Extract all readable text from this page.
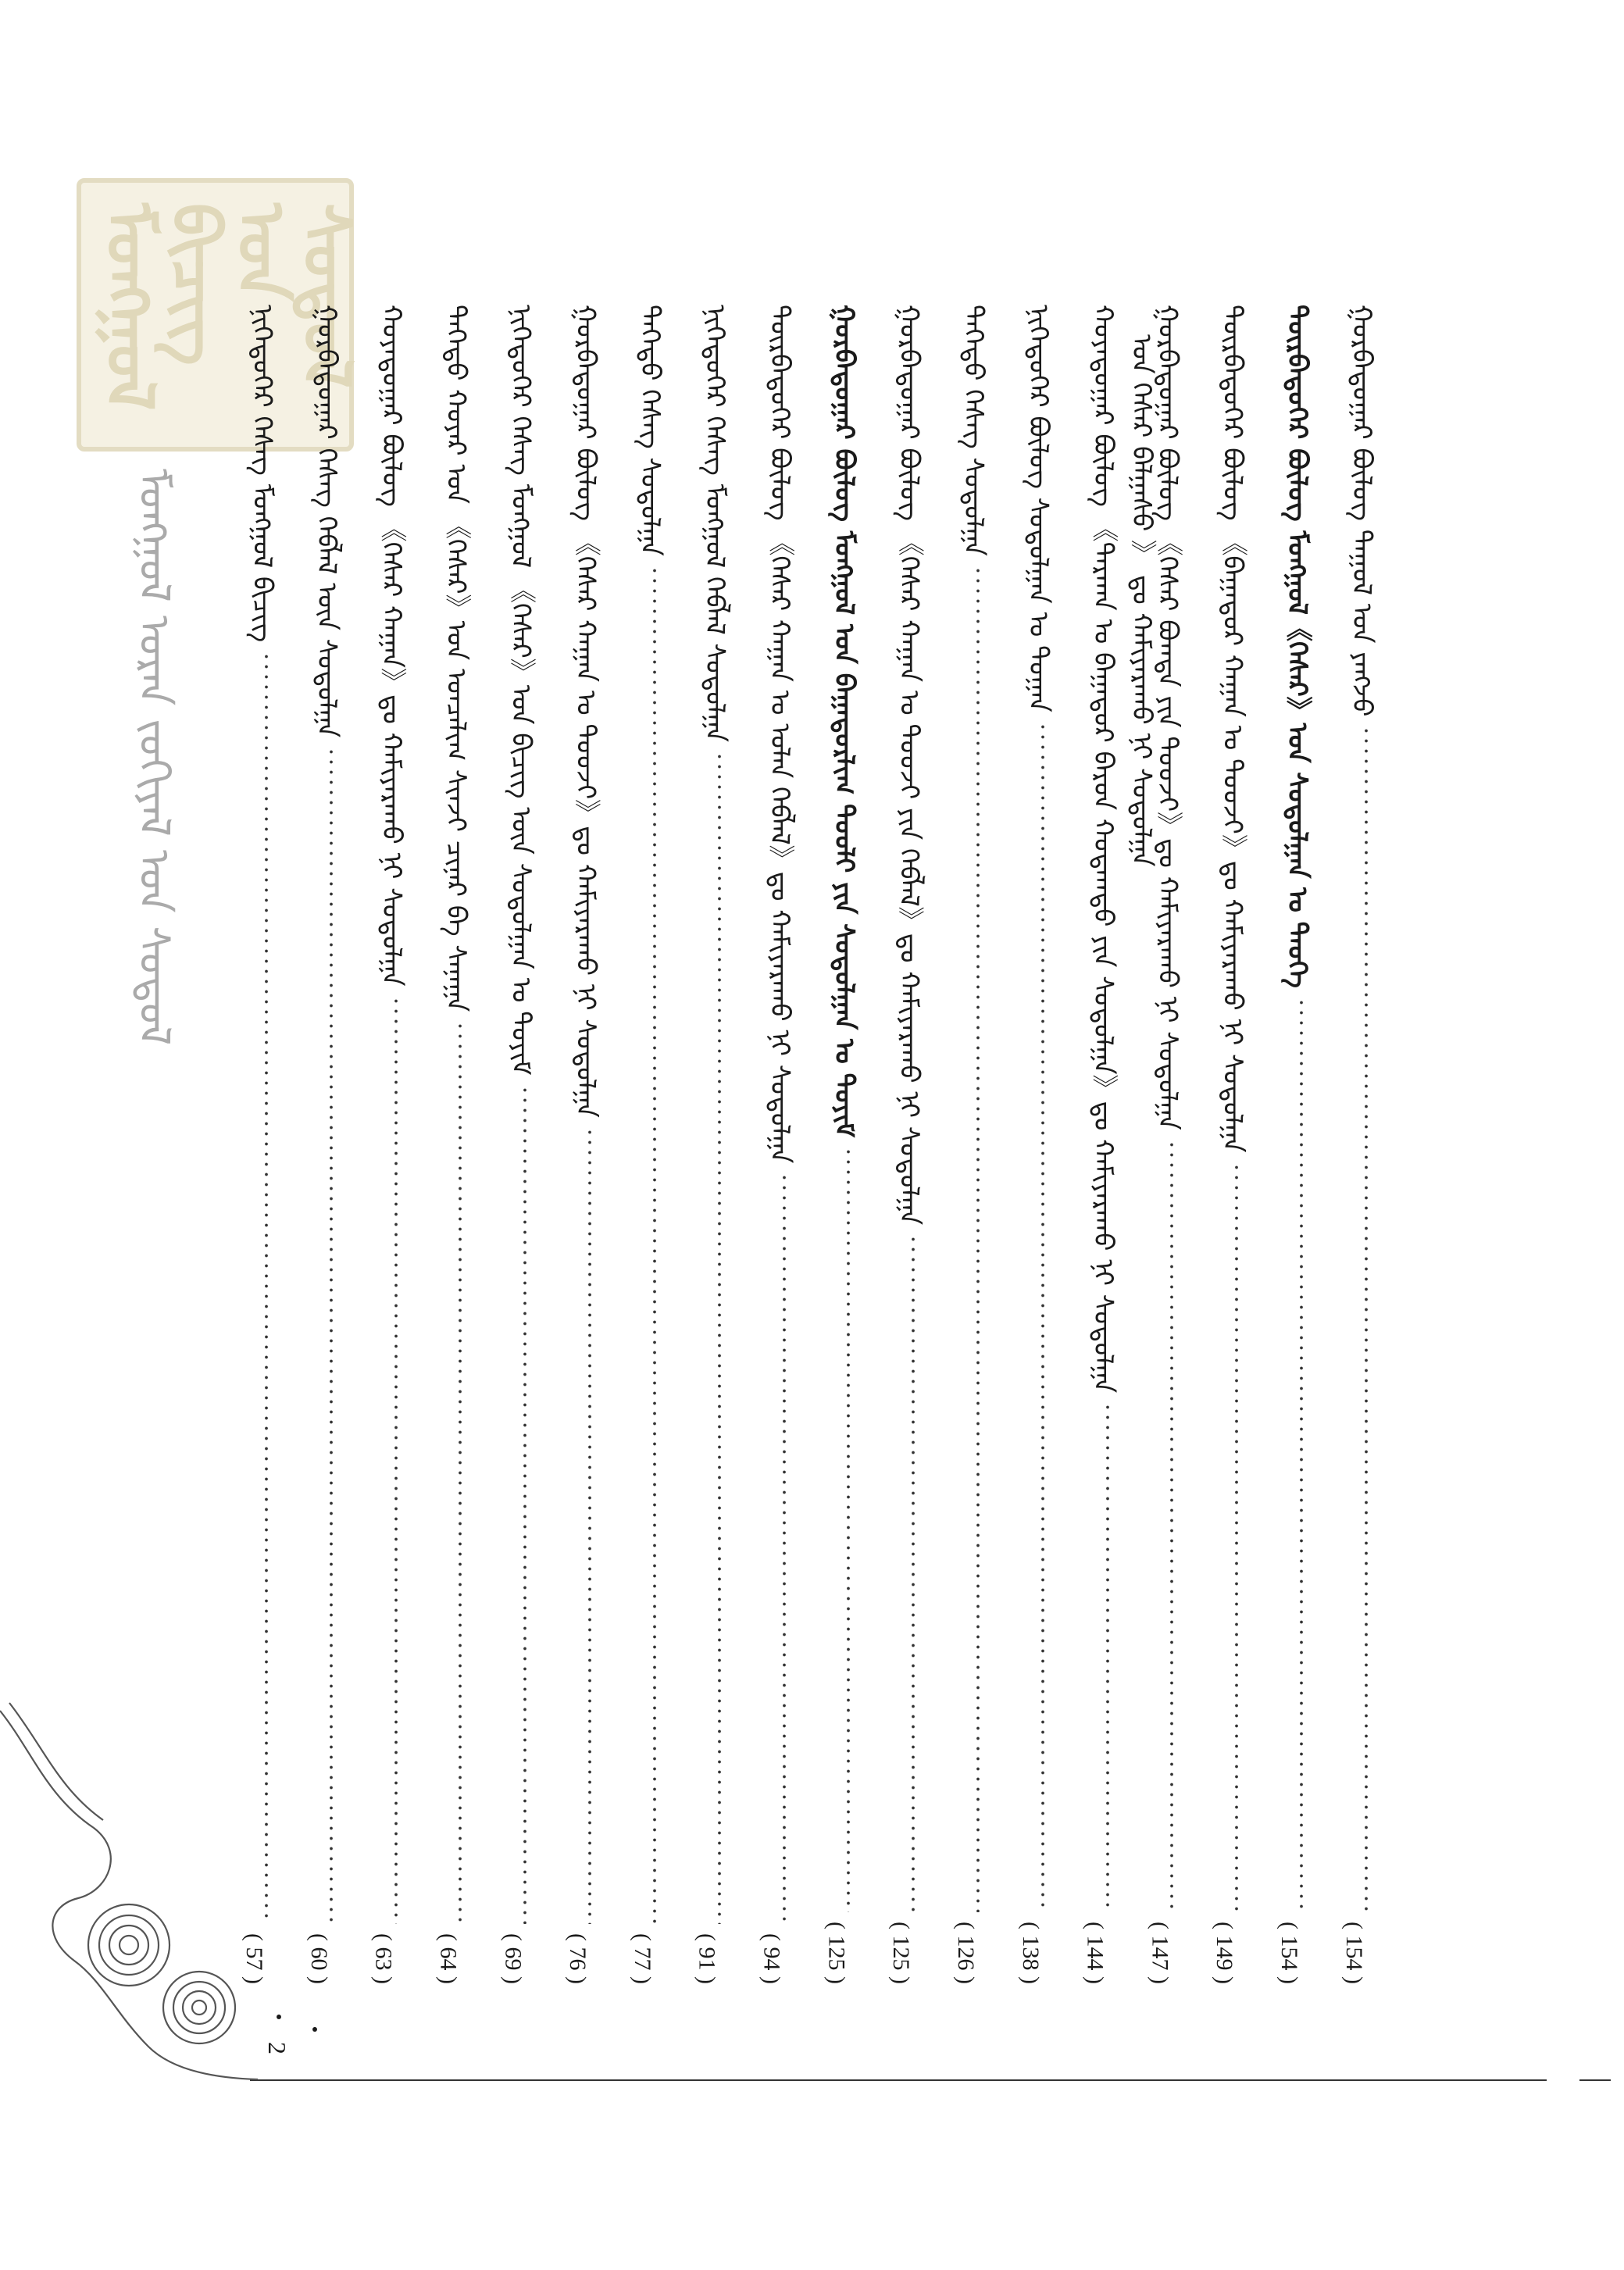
ᠮᠣᠩᠭᠣᠯ ᠪᠢᠴᠢᠭ ᠤᠨ ᠰᠤᠳᠤᠯ
ᠮᠣᠩᠭᠣᠯ ᠤᠷᠠᠨ ᠵᠣᠬᠢᠶᠠᠯ ᠤᠨ ᠰᠤᠳᠤᠯ	ᠭᠣᠷᠪᠠᠳᠤᠭᠠᠷ ᠪᠦᠯᠦᠭ ᠳᠠᠭᠤᠯ ᠤᠨ ᠶᠠᠩᠵᠤ
( 154 )
ᠳᠥᠷᠪᠡᠳᠦᠭᠡᠷ ᠪᠦᠯᠦᠭ ᠮᠣᠩᠭᠣᠯ《ᠭᠡᠰᠡᠷ》ᠤᠨ ᠰᠤᠳᠤᠯᠭᠠᠨ ᠤ ᠲᠡᠦᠬᠡ
( 154 )
ᠳᠥᠷᠪᠡᠳᠦᠭᠡᠷ ᠪᠦᠯᠦᠭ 《ᠪᠠᠭᠠᠲᠤᠷ ᠬᠠᠭᠠᠨ ᠤ ᠲᠤᠤᠵᠢ》ᠳᠤ ᠬᠠᠮᠢᠶᠠᠷᠠᠬᠤ ᠨᠢ ᠰᠤᠳᠤᠯᠭᠠ
( 149 )
ᠭᠤᠷᠪᠠᠳᠤᠭᠠᠷ ᠪᠦᠯᠦᠭ 《ᠭᠡᠰᠡᠷ ᠪᠣᠭᠳᠠ ᠶᠢᠨ ᠲᠤᠤᠵᠢ》ᠳᠤ ᠬᠠᠮᠢᠶᠠᠷᠠᠬᠤ ᠨᠢ ᠰᠤᠳᠤᠯᠭᠠ
( 147 )
ᠬᠣᠶᠠᠳᠤᠭᠠᠷ ᠪᠦᠯᠦᠭ 《ᠳᠠᠷᠬᠠᠨ ᠤ ᠪᠠᠭᠠᠲᠤᠷ ᠪᠠᠷᠤᠨ ᠬᠣᠲᠠᠭᠲᠤ ᠶᠢᠨ ᠰᠤᠳᠤᠯᠭᠠ》ᠳᠤ ᠬᠠᠮᠢᠶᠠᠷᠠᠬᠤ ᠨᠢ ᠰᠤᠳᠤᠯᠭᠠ ᠣᠨ ᠭᠡᠰᠡᠷ ᠪᠠᠯᠭᠠᠰᠤ 》 ᠳᠤ ᠬᠠᠮᠢᠶᠠᠷᠠᠬᠤ ᠨᠢ ᠰᠤᠳᠤᠯᠭᠠ
( 144 )
ᠨᠢᠭᠡᠳᠦᠭᠡᠷ ᠪᠦᠯᠦᠭ ᠰᠤᠳᠤᠯᠭᠠᠨ ᠤ ᠲᠣᠭᠠᠨ
( 138 )
ᠳᠡᠭᠡᠳᠦ ᠬᠡᠰᠡᠭ ᠰᠤᠳᠤᠯᠭᠠ
( 126 )
ᠭᠣᠷᠪᠠᠳᠤᠭᠠᠷ ᠪᠦᠯᠦᠭ 《ᠭᠡᠰᠡᠷ ᠬᠠᠭᠠᠨ ᠤ ᠲᠤᠤᠵᠢ ᠶᠢᠨ ᠬᠡᠪᠯᠡᠯ》ᠳᠤ ᠬᠠᠮᠢᠶᠠᠷᠠᠬᠤ ᠨᠢ ᠰᠤᠳᠤᠯᠭᠠ
( 125 )
ᠭᠤᠷᠪᠠᠳᠤᠭᠠᠷ ᠪᠦᠯᠦᠭ ᠮᠣᠩᠭᠣᠯ ᠤᠨ ᠪᠠᠭᠠᠲᠤᠷᠯᠢᠭ ᠲᠤᠤᠯᠢ ᠶᠢᠨ ᠰᠤᠳᠤᠯᠭᠠᠨ ᠤ ᠲᠤᠶᠢᠮ
( 125 )
ᠳᠥᠷᠪᠡᠳᠦᠭᠡᠷ ᠪᠦᠯᠦᠭ 《ᠭᠡᠰᠡᠷ ᠬᠠᠭᠠᠨ ᠤ ᠣᠯᠠᠨ ᠬᠡᠪᠯᠡᠯ》ᠳᠤ ᠬᠠᠮᠢᠶᠠᠷᠠᠬᠤ ᠨᠢ ᠰᠤᠳᠤᠯᠭᠠ
( 94 )
ᠨᠢᠭᠡᠳᠦᠭᠡᠷ ᠬᠡᠰᠡᠭ ᠮᠣᠩᠭᠣᠯ ᠬᠡᠪᠯᠡᠯ ᠰᠤᠳᠤᠯᠭᠠ
( 91 )
ᠳᠡᠭᠡᠳᠦ ᠬᠡᠰᠡᠭ ᠰᠤᠳᠤᠯᠭᠠ
( 77 )
ᠭᠤᠷᠪᠠᠳᠤᠭᠠᠷ ᠪᠦᠯᠦᠭ 《ᠭᠡᠰᠡᠷ ᠬᠠᠭᠠᠨ ᠤ ᠲᠤᠤᠵᠢ》ᠳᠤ ᠬᠠᠮᠢᠶᠠᠷᠠᠬᠤ ᠨᠢ ᠰᠤᠳᠤᠯᠭᠠ
( 76 )
ᠨᠢᠭᠡᠳᠦᠭᠡᠷ ᠬᠡᠰᠡᠭ ᠮᠣᠩᠭᠣᠯ 《ᠭᠡᠰᠡᠷ》ᠤᠨ ᠪᠢᠴᠢᠭ ᠦᠨ ᠰᠤᠳᠤᠯᠭᠠᠨ ᠤ ᠲᠤᠶᠢᠮ
( 69 )
ᠳᠡᠭᠡᠳᠦ ᠬᠣᠶᠠᠷ ᠤᠨ 《ᠭᠡᠰᠡᠷ》ᠤᠨ ᠣᠨᠴᠠᠯᠢᠭ ᠰᠢᠨᠵᠢ ᠴᠢᠨᠠᠷ ᠪᠠ ᠰᠠᠨᠠᠭᠠ
( 64 )
ᠬᠣᠶᠠᠳᠤᠭᠠᠷ ᠪᠦᠯᠦᠭ 《ᠭᠡᠰᠡᠷ ᠬᠠᠭᠠᠨ》ᠳᠤ ᠬᠠᠮᠢᠶᠠᠷᠠᠬᠤ ᠨᠢ ᠰᠤᠳᠤᠯᠭᠠ
( 63 )
ᠭᠤᠷᠪᠠᠳᠤᠭᠠᠷ ᠬᠡᠰᠡᠭ ᠬᠡᠪᠯᠡᠯ ᠦᠨ ᠰᠤᠳᠤᠯᠭᠠ
( 60 )
ᠨᠢᠭᠡᠳᠦᠭᠡᠷ ᠬᠡᠰᠡᠭ ᠮᠣᠩᠭᠣᠯ ᠪᠢᠴᠢᠭ
( 57 )
・ 2 ・
